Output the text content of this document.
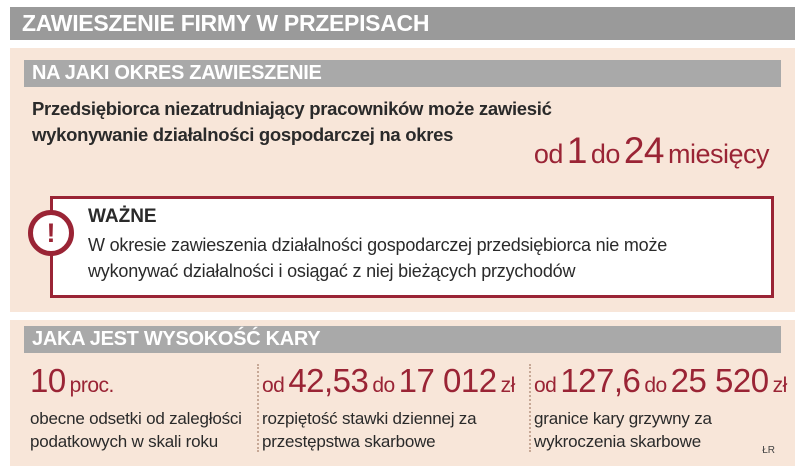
ZAWIESZENIE FIRMY W PRZEPISACH
NA JAKI OKRES ZAWIESZENIE
Przedsiębiorca niezatrudniający pracowników może zawiesić wykonywanie działalności gospodarczej na okres
od 1 do 24 miesięcy
!
WAŻNE
W okresie zawieszenia działalności gospodarczej przedsiębiorca nie może wykonywać działalności i osiągać z niej bieżących przychodów
JAKA JEST WYSOKOŚĆ KARY
10 proc.
obecne odsetki od zaległości podatkowych w skali roku
od 42,53 do 17 012 zł
rozpiętość stawki dziennej za przestępstwa skarbowe
od 127,6 do 25 520 zł
granice kary grzywny za wykroczenia skarbowe	ŁR
